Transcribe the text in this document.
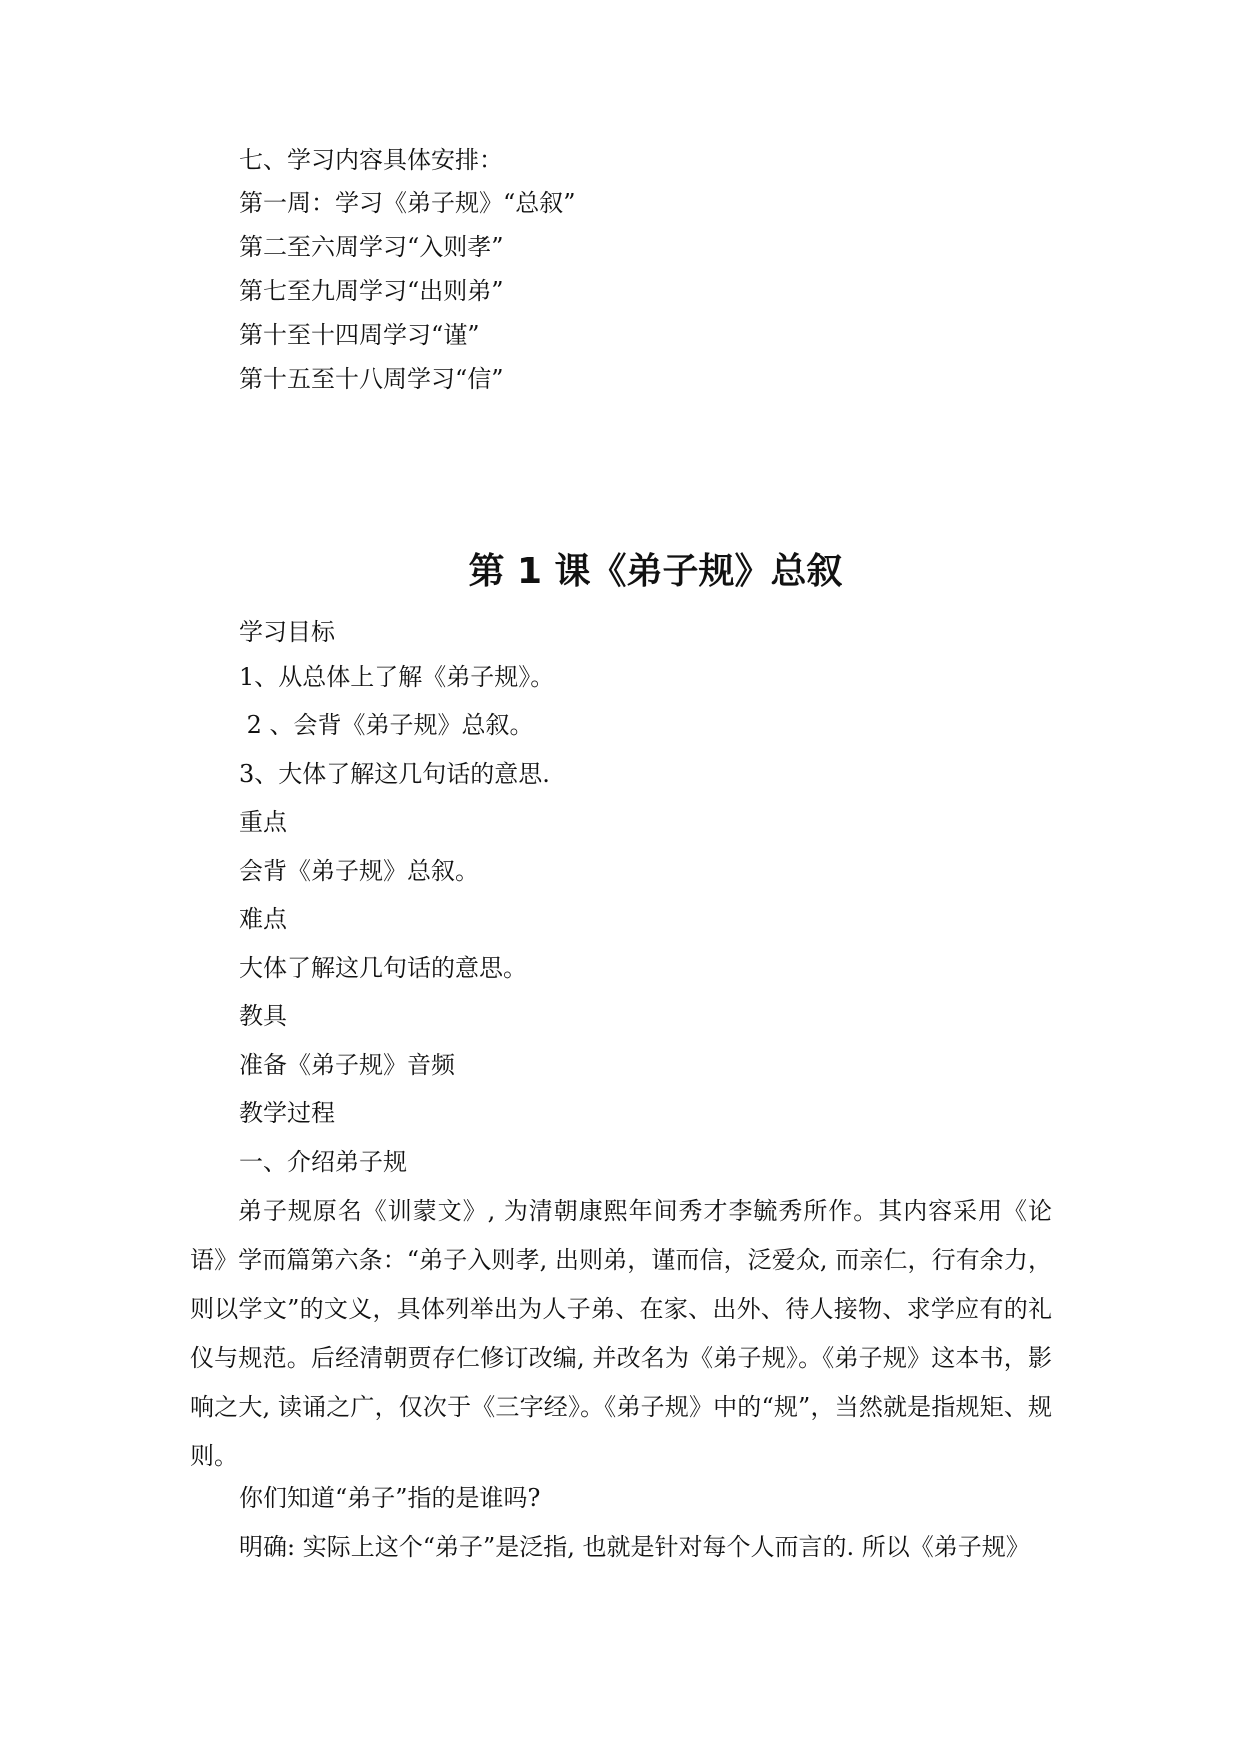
七、学习内容具体安排：
第一周：学习《弟子规》“总叙”
第二至六周学习“入则孝”
第七至九周学习“出则弟”
第十至十四周学习“谨”
第十五至十八周学习“信”
第 1 课《弟子规》总叙
学习目标
1、从总体上了解《弟子规》。
2 、会背《弟子规》总叙。
3、大体了解这几句话的意思.
重点
会背《弟子规》总叙。
难点
大体了解这几句话的意思。
教具
准备《弟子规》音频
教学过程
一、介绍弟子规
弟子规原名《训蒙文》, 为清朝康熙年间秀才李毓秀所作。其内容采用《论语》学而篇第六条：“弟子入则孝, 出则弟，谨而信，泛爱众, 而亲仁，行有余力，则以学文”的文义，具体列举出为人子弟、在家、出外、待人接物、求学应有的礼仪与规范。后经清朝贾存仁修订改编, 并改名为《弟子规》。《弟子规》这本书，影响之大, 读诵之广，仅次于《三字经》。《弟子规》中的“规”，当然就是指规矩、规则。
你们知道“弟子”指的是谁吗?
明确: 实际上这个“弟子”是泛指, 也就是针对每个人而言的. 所以《弟子规》
